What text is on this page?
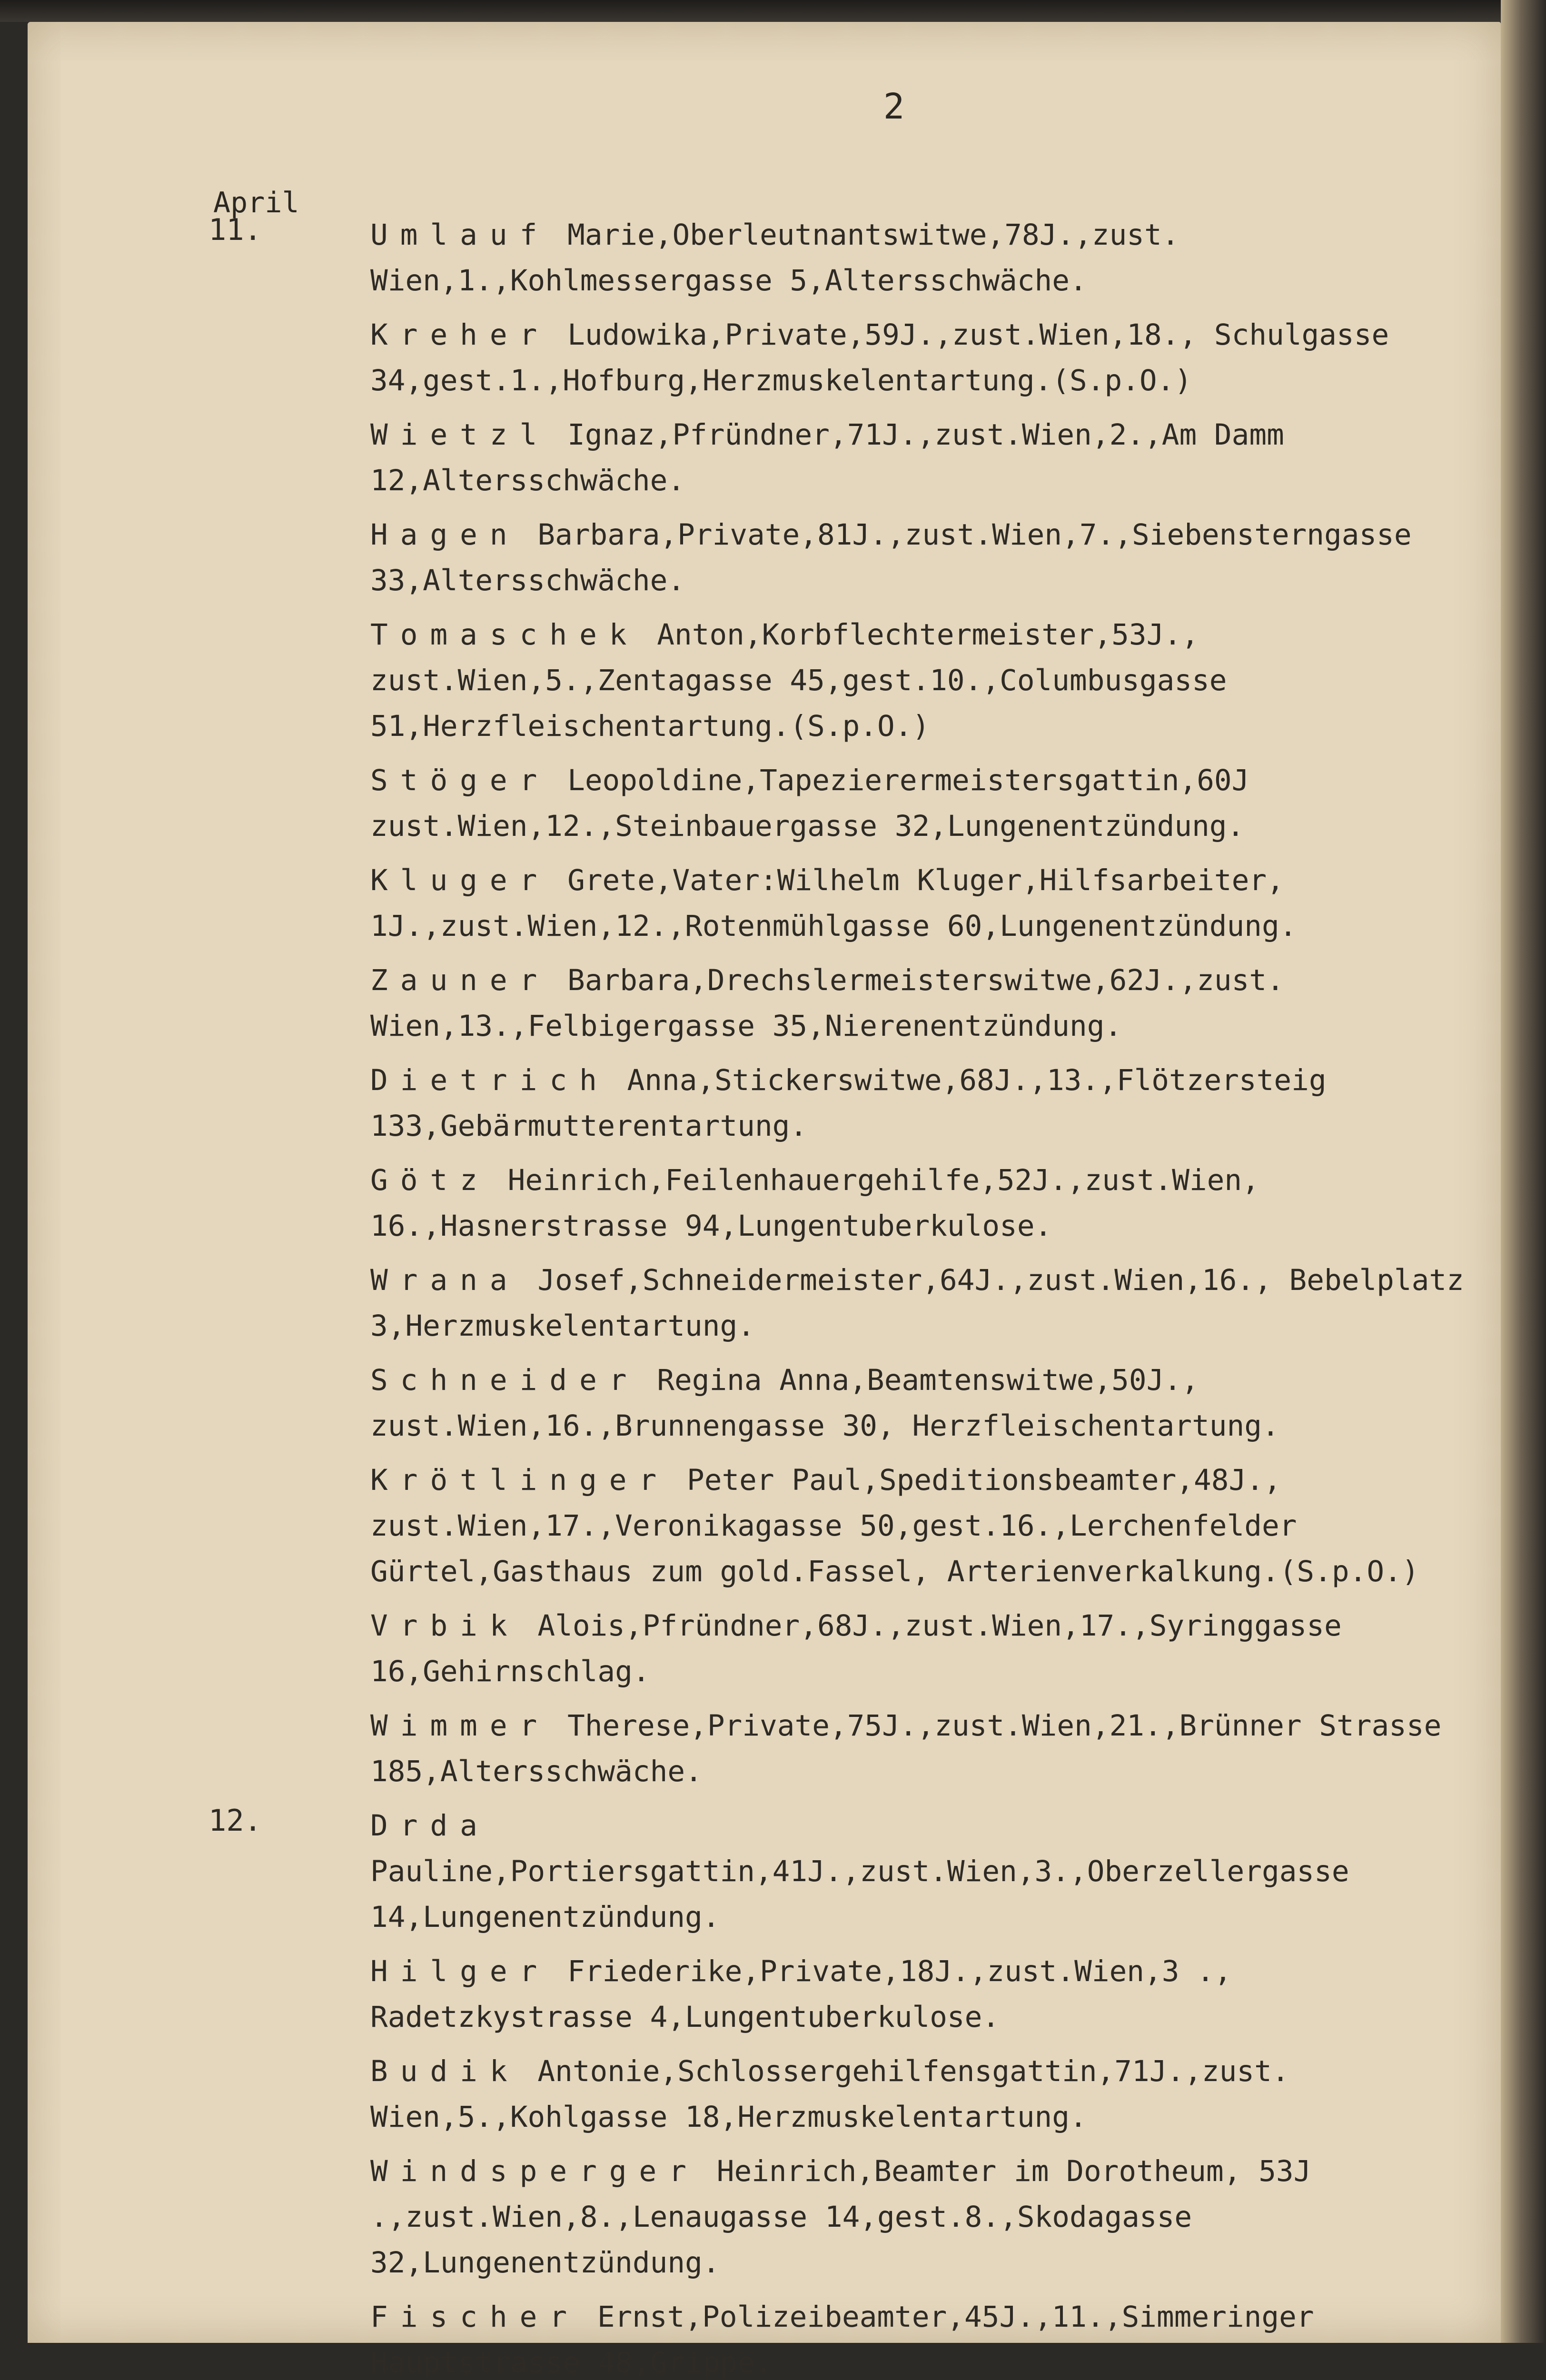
2
April
11.	Umlauf Marie,Oberleutnantswitwe,78J.,zust. Wien,1.,Kohlmessergasse 5,Altersschwäche.
Kreher Ludowika,Private,59J.,zust.Wien,18., Schulgasse 34,gest.1.,Hofburg,Herzmuskelentartung.(S.p.O.)
Wietzl Ignaz,Pfründner,71J.,zust.Wien,2.,Am Damm 12,Altersschwäche.
Hagen Barbara,Private,81J.,zust.Wien,7.,Siebensterngasse 33,Altersschwäche.
Tomaschek Anton,Korbflechtermeister,53J., zust.Wien,5.,Zentagasse 45,gest.10.,Columbusgasse 51,Herzfleischentartung.(S.p.O.)
Stöger Leopoldine,Tapezierermeistersgattin,60J zust.Wien,12.,Steinbauergasse 32,Lungenentzündung.
Kluger Grete,Vater:Wilhelm Kluger,Hilfsarbeiter, 1J.,zust.Wien,12.,Rotenmühlgasse 60,Lungenentzündung.
Zauner Barbara,Drechslermeisterswitwe,62J.,zust. Wien,13.,Felbigergasse 35,Nierenentzündung.
Dietrich Anna,Stickerswitwe,68J.,13.,Flötzersteig 133,Gebärmutterentartung.
Götz Heinrich,Feilenhauergehilfe,52J.,zust.Wien, 16.,Hasnerstrasse 94,Lungentuberkulose.
Wrana Josef,Schneidermeister,64J.,zust.Wien,16., Bebelplatz 3,Herzmuskelentartung.
Schneider Regina Anna,Beamtenswitwe,50J., zust.Wien,16.,Brunnengasse 30, Herzfleischentartung.
Krötlinger Peter Paul,Speditionsbeamter,48J., zust.Wien,17.,Veronikagasse 50,gest.16.,Lerchenfelder Gürtel,Gasthaus zum gold.Fassel, Arterienverkalkung.(S.p.O.)
Vrbik Alois,Pfründner,68J.,zust.Wien,17.,Syringgasse 16,Gehirnschlag.
Wimmer Therese,Private,75J.,zust.Wien,21.,Brünner Strasse 185,Altersschwäche.
12.	Drda Pauline,Portiersgattin,41J.,zust.Wien,3.,Oberzellergasse 14,Lungenentzündung.
Hilger Friederike,Private,18J.,zust.Wien,3 ., Radetzkystrasse 4,Lungentuberkulose.
Budik Antonie,Schlossergehilfensgattin,71J.,zust. Wien,5.,Kohlgasse 18,Herzmuskelentartung.
Windsperger Heinrich,Beamter im Dorotheum, 53J .,zust.Wien,8.,Lenaugasse 14,gest.8.,Skodagasse 32,Lungenentzündung.
Fischer Ernst,Polizeibeamter,45J.,11.,Simmeringer Hauptstrasse 48,Grippe.
